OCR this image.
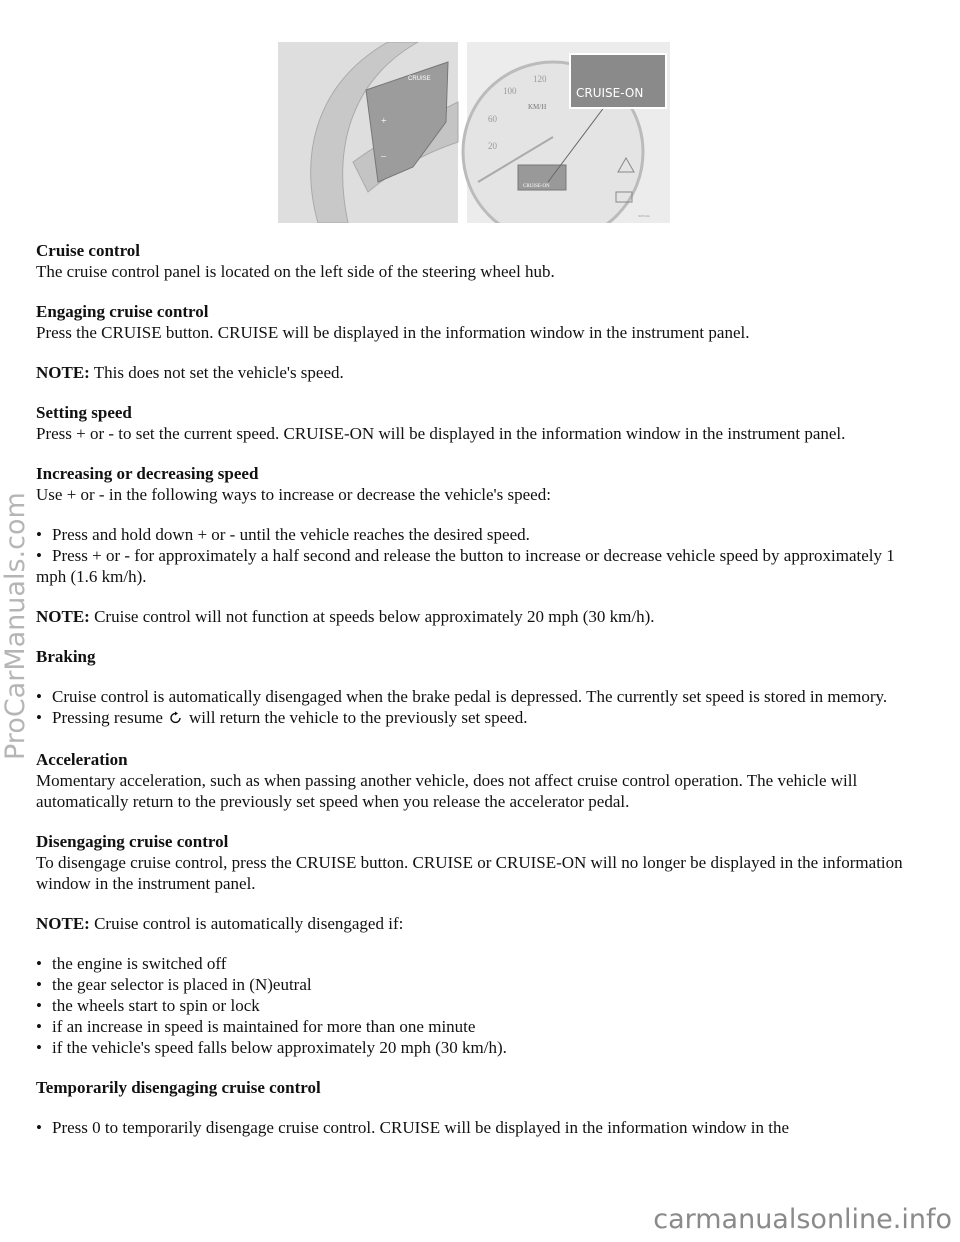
CRUISE
+
–
KM/H
100
120
60
20
CRUISE-ON
CRUISE-ON
3605549e
Cruise control
The cruise control panel is located on the left side of the steering wheel hub.
Engaging cruise control
Press the CRUISE button. CRUISE will be displayed in the information window in the instrument panel.
NOTE: This does not set the vehicle's speed.
Setting speed
Press + or - to set the current speed. CRUISE-ON will be displayed in the information window in the instrument panel.
Increasing or decreasing speed
Use + or - in the following ways to increase or decrease the vehicle's speed:
• Press and hold down + or - until the vehicle reaches the desired speed.
• Press + or - for approximately a half second and release the button to increase or decrease vehicle speed by approximately 1 mph (1.6 km/h).
NOTE: Cruise control will not function at speeds below approximately 20 mph (30 km/h).
Braking
• Cruise control is automatically disengaged when the brake pedal is depressed. The currently set speed is stored in memory.
• Pressing resume will return the vehicle to the previously set speed.
Acceleration
Momentary acceleration, such as when passing another vehicle, does not affect cruise control operation. The vehicle will automatically return to the previously set speed when you release the accelerator pedal.
Disengaging cruise control
To disengage cruise control, press the CRUISE button. CRUISE or CRUISE-ON will no longer be displayed in the information window in the instrument panel.
NOTE: Cruise control is automatically disengaged if:
• the engine is switched off
• the gear selector is placed in (N)eutral
• the wheels start to spin or lock
• if an increase in speed is maintained for more than one minute
• if the vehicle's speed falls below approximately 20 mph (30 km/h).
Temporarily disengaging cruise control
• Press 0 to temporarily disengage cruise control. CRUISE will be displayed in the information window in the
ProCarManuals.com
carmanualsonline.info
